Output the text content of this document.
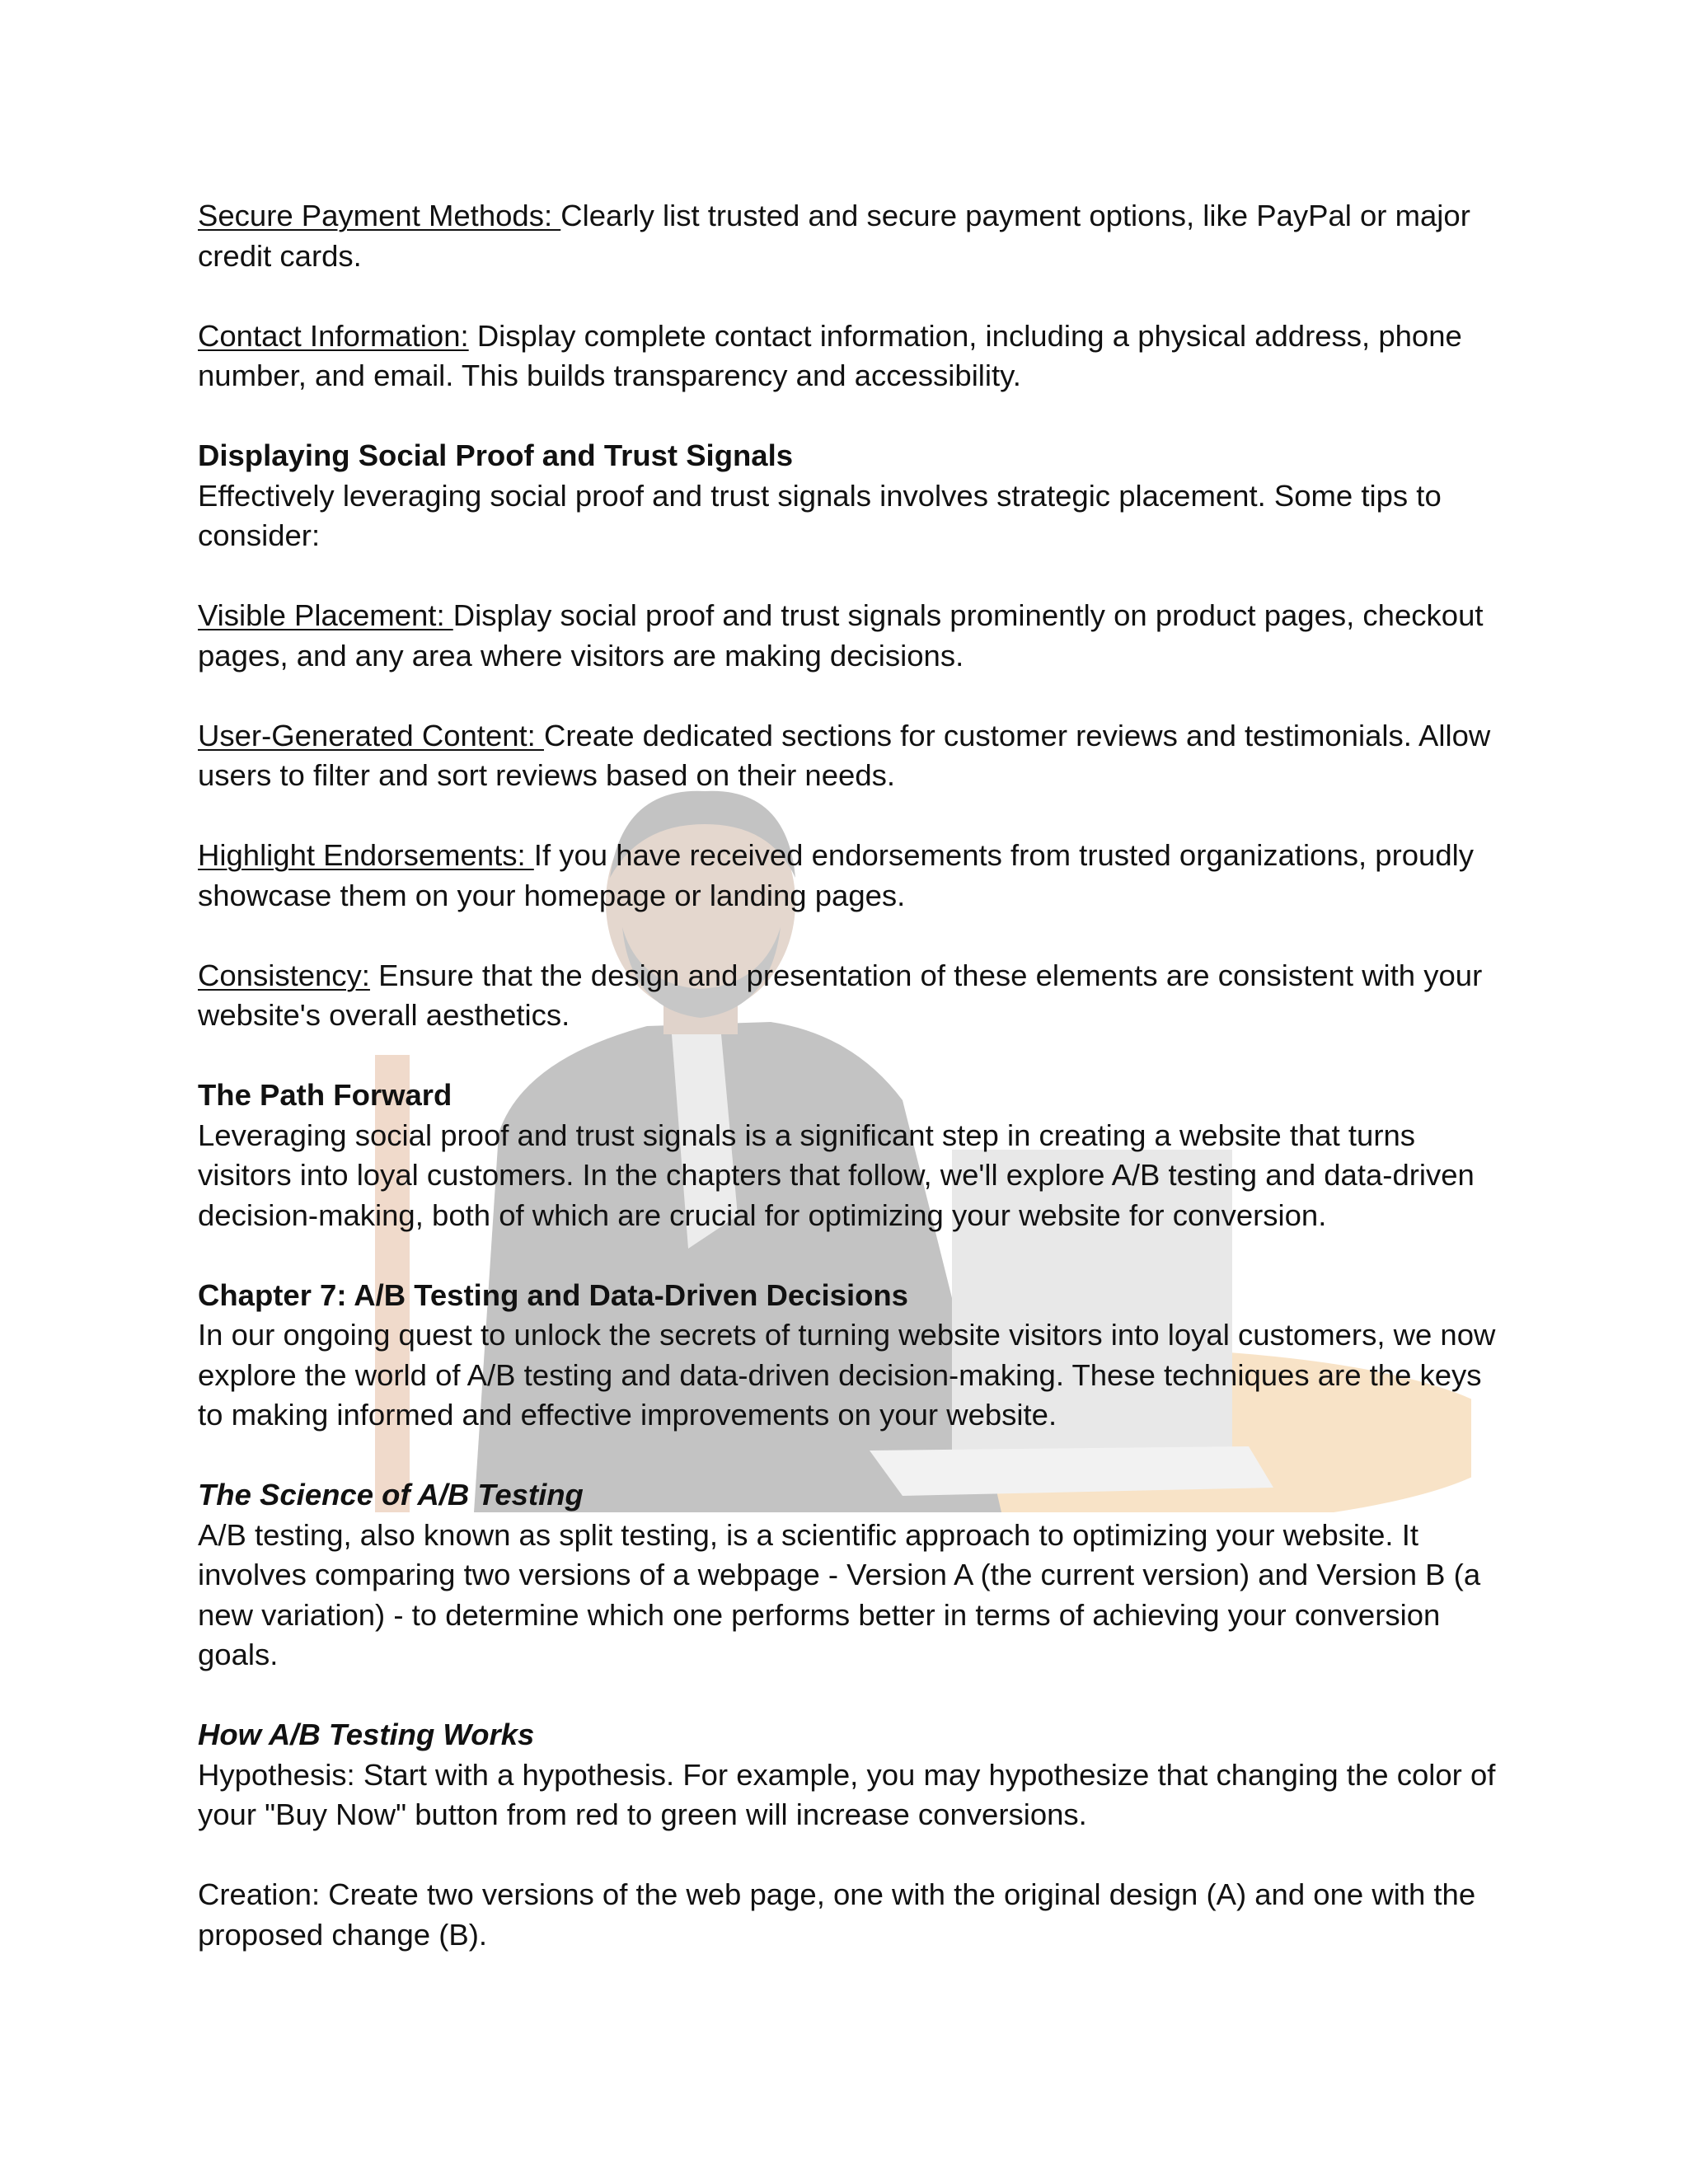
Secure Payment Methods: Clearly list trusted and secure payment options, like PayPal or major credit cards.

Contact Information: Display complete contact information, including a physical address, phone number, and email. This builds transparency and accessibility.

Displaying Social Proof and Trust Signals

Effectively leveraging social proof and trust signals involves strategic placement. Some tips to consider:

Visible Placement: Display social proof and trust signals prominently on product pages, checkout pages, and any area where visitors are making decisions.

User-Generated Content: Create dedicated sections for customer reviews and testimonials. Allow users to filter and sort reviews based on their needs.

Highlight Endorsements: If you have received endorsements from trusted organizations, proudly showcase them on your homepage or landing pages.

Consistency: Ensure that the design and presentation of these elements are consistent with your website's overall aesthetics.

The Path Forward

Leveraging social proof and trust signals is a significant step in creating a website that turns visitors into loyal customers. In the chapters that follow, we'll explore A/B testing and data-driven decision-making, both of which are crucial for optimizing your website for conversion.

Chapter 7: A/B Testing and Data-Driven Decisions

In our ongoing quest to unlock the secrets of turning website visitors into loyal customers, we now explore the world of A/B testing and data-driven decision-making. These techniques are the keys to making informed and effective improvements on your website.

The Science of A/B Testing

A/B testing, also known as split testing, is a scientific approach to optimizing your website. It involves comparing two versions of a webpage - Version A (the current version) and Version B (a new variation) - to determine which one performs better in terms of achieving your conversion goals.

How A/B Testing Works

Hypothesis: Start with a hypothesis. For example, you may hypothesize that changing the color of your "Buy Now" button from red to green will increase conversions.

Creation: Create two versions of the web page, one with the original design (A) and one with the proposed change (B).
